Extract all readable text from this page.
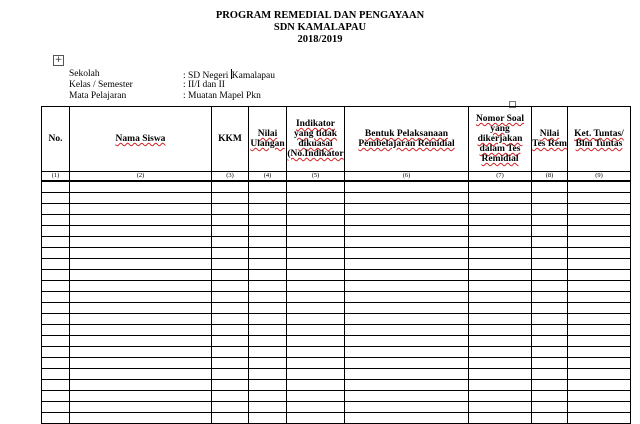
PROGRAM REMEDIAL DAN PENGAYAAN
SDN KAMALAPAU
2018/2019
+
Sekolah	: SD Negeri Kamalapau
Kelas / Semester	: II/I dan II
Mata Pelajaran	: Muatan Mapel Pkn
No.	Nama Siswa	KKM	Nilai Ulangan	Indikator yang tidak dikuasai (No.Indikator	Bentuk Pelaksanaan Pembelajaran Remidial	Nomor Soal yang dikerjakan dalam Tes Remidial	Nilai Tes Rem	Ket. Tuntas/ Blm Tuntas
(1)	(2)	(3)	(4)	(5)	(6)	(7)	(8)	(9)
